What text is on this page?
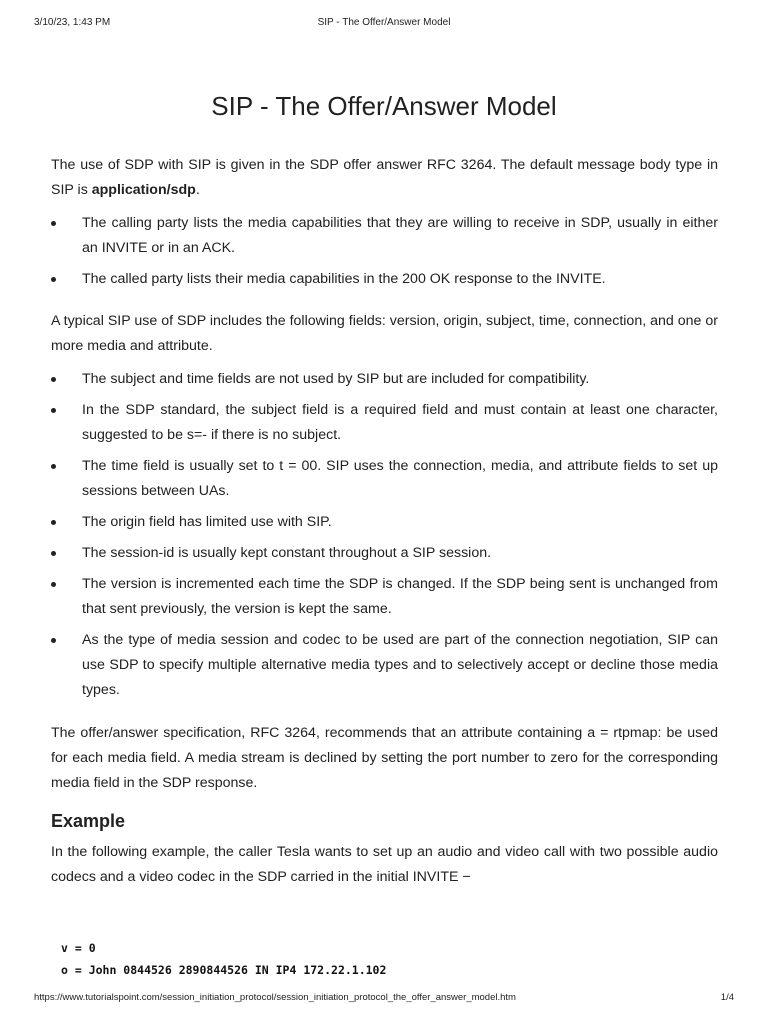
3/10/23, 1:43 PM	SIP - The Offer/Answer Model
SIP - The Offer/Answer Model

The use of SDP with SIP is given in the SDP offer answer RFC 3264. The default message body type in SIP is application/sdp.

The calling party lists the media capabilities that they are willing to receive in SDP, usually in either an INVITE or in an ACK.
The called party lists their media capabilities in the 200 OK response to the INVITE.

A typical SIP use of SDP includes the following fields: version, origin, subject, time, connection, and one or more media and attribute.

The subject and time fields are not used by SIP but are included for compatibility.
In the SDP standard, the subject field is a required field and must contain at least one character, suggested to be s=- if there is no subject.
The time field is usually set to t = 00. SIP uses the connection, media, and attribute fields to set up sessions between UAs.
The origin field has limited use with SIP.
The session-id is usually kept constant throughout a SIP session.
The version is incremented each time the SDP is changed. If the SDP being sent is unchanged from that sent previously, the version is kept the same.
As the type of media session and codec to be used are part of the connection negotiation, SIP can use SDP to specify multiple alternative media types and to selectively accept or decline those media types.

The offer/answer specification, RFC 3264, recommends that an attribute containing a = rtpmap: be used for each media field. A media stream is declined by setting the port number to zero for the corresponding media field in the SDP response.

Example

In the following example, the caller Tesla wants to set up an audio and video call with two possible audio codecs and a video codec in the SDP carried in the initial INVITE −

v = 0
o = John 0844526 2890844526 IN IP4 172.22.1.102
https://www.tutorialspoint.com/session_initiation_protocol/session_initiation_protocol_the_offer_answer_model.htm	1/4
